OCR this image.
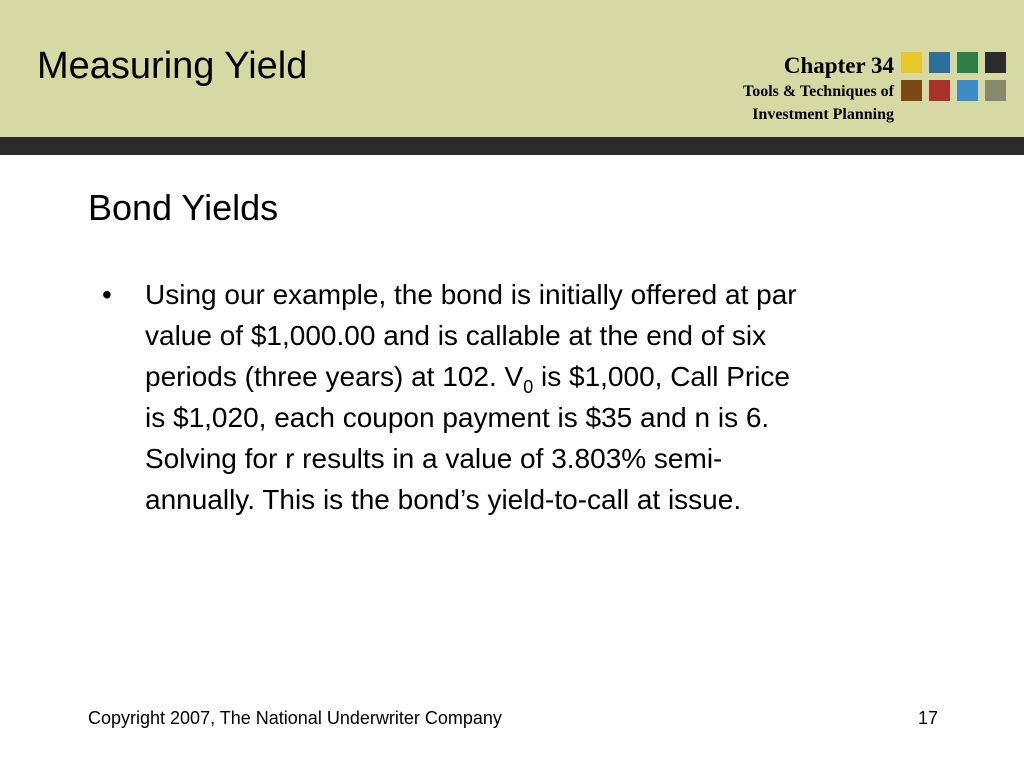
Measuring Yield	Chapter 34
Tools & Techniques of
Investment Planning
Bond Yields
• Using our example, the bond is initially offered at par
value of $1,000.00 and is callable at the end of six
periods (three years) at 102. $V_0$ is $1,000, Call Price
is $1,020, each coupon payment is $35 and n is 6.
Solving for r results in a value of 3.803% semi-
annually. This is the bond’s yield-to-call at issue.
Copyright 2007, The National Underwriter Company	17
